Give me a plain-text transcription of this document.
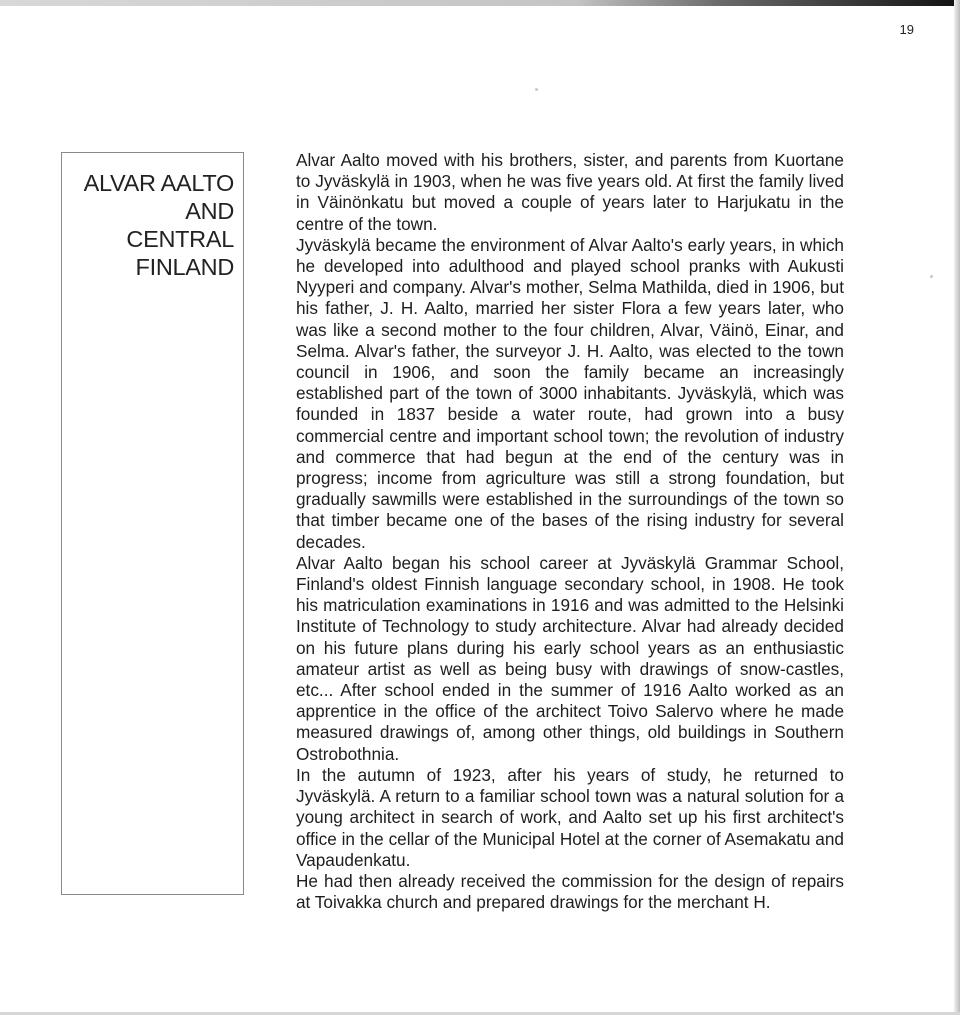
19
ALVAR AALTO
AND
CENTRAL
FINLAND

Alvar Aalto moved with his brothers, sister, and parents from Kuortane to Jyväskylä in 1903, when he was five years old. At first the family lived in Väinönkatu but moved a couple of years later to Harjukatu in the centre of the town.

Jyväskylä became the environment of Alvar Aalto's early years, in which he developed into adulthood and played school pranks with Aukusti Nyyperi and company. Alvar's mother, Selma Mathilda, died in 1906, but his father, J. H. Aalto, married her sister Flora a few years later, who was like a second mother to the four children, Alvar, Väinö, Einar, and Selma. Alvar's father, the surveyor J. H. Aalto, was elected to the town council in 1906, and soon the family became an increasingly established part of the town of 3000 inhabitants. Jyväskylä, which was founded in 1837 beside a water route, had grown into a busy commercial centre and important school town; the revolution of industry and commerce that had begun at the end of the century was in progress; income from agriculture was still a strong foundation, but gradually sawmills were established in the surroundings of the town so that timber became one of the bases of the rising industry for several decades.

Alvar Aalto began his school career at Jyväskylä Grammar School, Finland's oldest Finnish language secondary school, in 1908. He took his matriculation examinations in 1916 and was admitted to the Helsinki Institute of Technology to study architecture. Alvar had already decided on his future plans during his early school years as an enthusiastic amateur artist as well as being busy with drawings of snow-castles, etc... After school ended in the summer of 1916 Aalto worked as an apprentice in the office of the architect Toivo Salervo where he made measured drawings of, among other things, old buildings in Southern Ostrobothnia.

In the autumn of 1923, after his years of study, he returned to Jyväskylä. A return to a familiar school town was a natural solution for a young architect in search of work, and Aalto set up his first architect's office in the cellar of the Municipal Hotel at the corner of Asemakatu and Vapaudenkatu.

He had then already received the commission for the design of repairs at Toivakka church and prepared drawings for the merchant H.
